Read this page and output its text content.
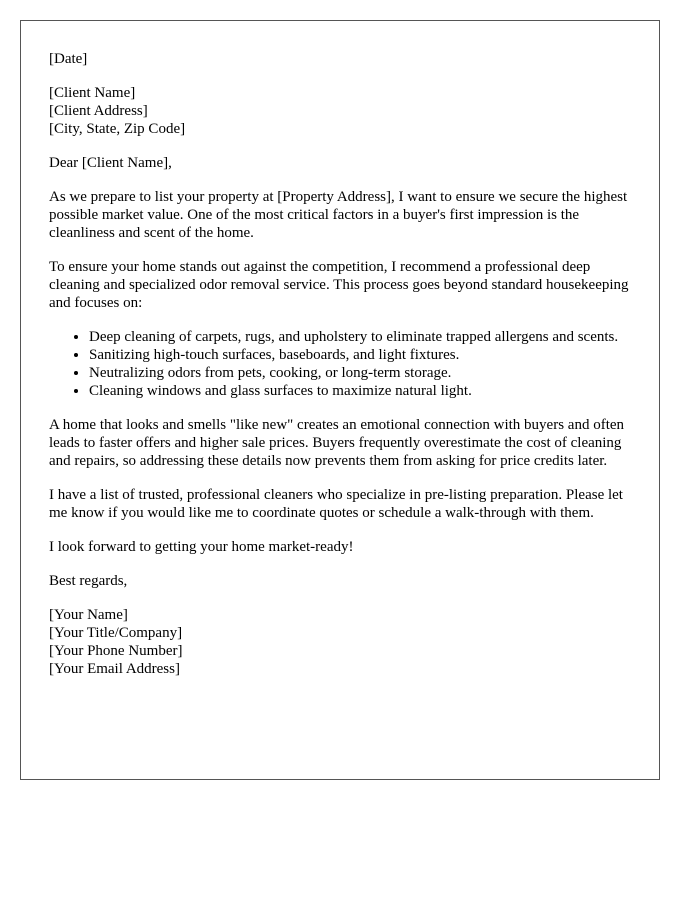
[Date]

[Client Name]
[Client Address]
[City, State, Zip Code]

Dear [Client Name],

As we prepare to list your property at [Property Address], I want to ensure we secure the highest possible market value. One of the most critical factors in a buyer's first impression is the cleanliness and scent of the home.

To ensure your home stands out against the competition, I recommend a professional deep cleaning and specialized odor removal service. This process goes beyond standard housekeeping and focuses on:

• Deep cleaning of carpets, rugs, and upholstery to eliminate trapped allergens and scents.
• Sanitizing high-touch surfaces, baseboards, and light fixtures.
• Neutralizing odors from pets, cooking, or long-term storage.
• Cleaning windows and glass surfaces to maximize natural light.

A home that looks and smells "like new" creates an emotional connection with buyers and often leads to faster offers and higher sale prices. Buyers frequently overestimate the cost of cleaning and repairs, so addressing these details now prevents them from asking for price credits later.

I have a list of trusted, professional cleaners who specialize in pre-listing preparation. Please let me know if you would like me to coordinate quotes or schedule a walk-through with them.

I look forward to getting your home market-ready!

Best regards,

[Your Name]
[Your Title/Company]
[Your Phone Number]
[Your Email Address]
